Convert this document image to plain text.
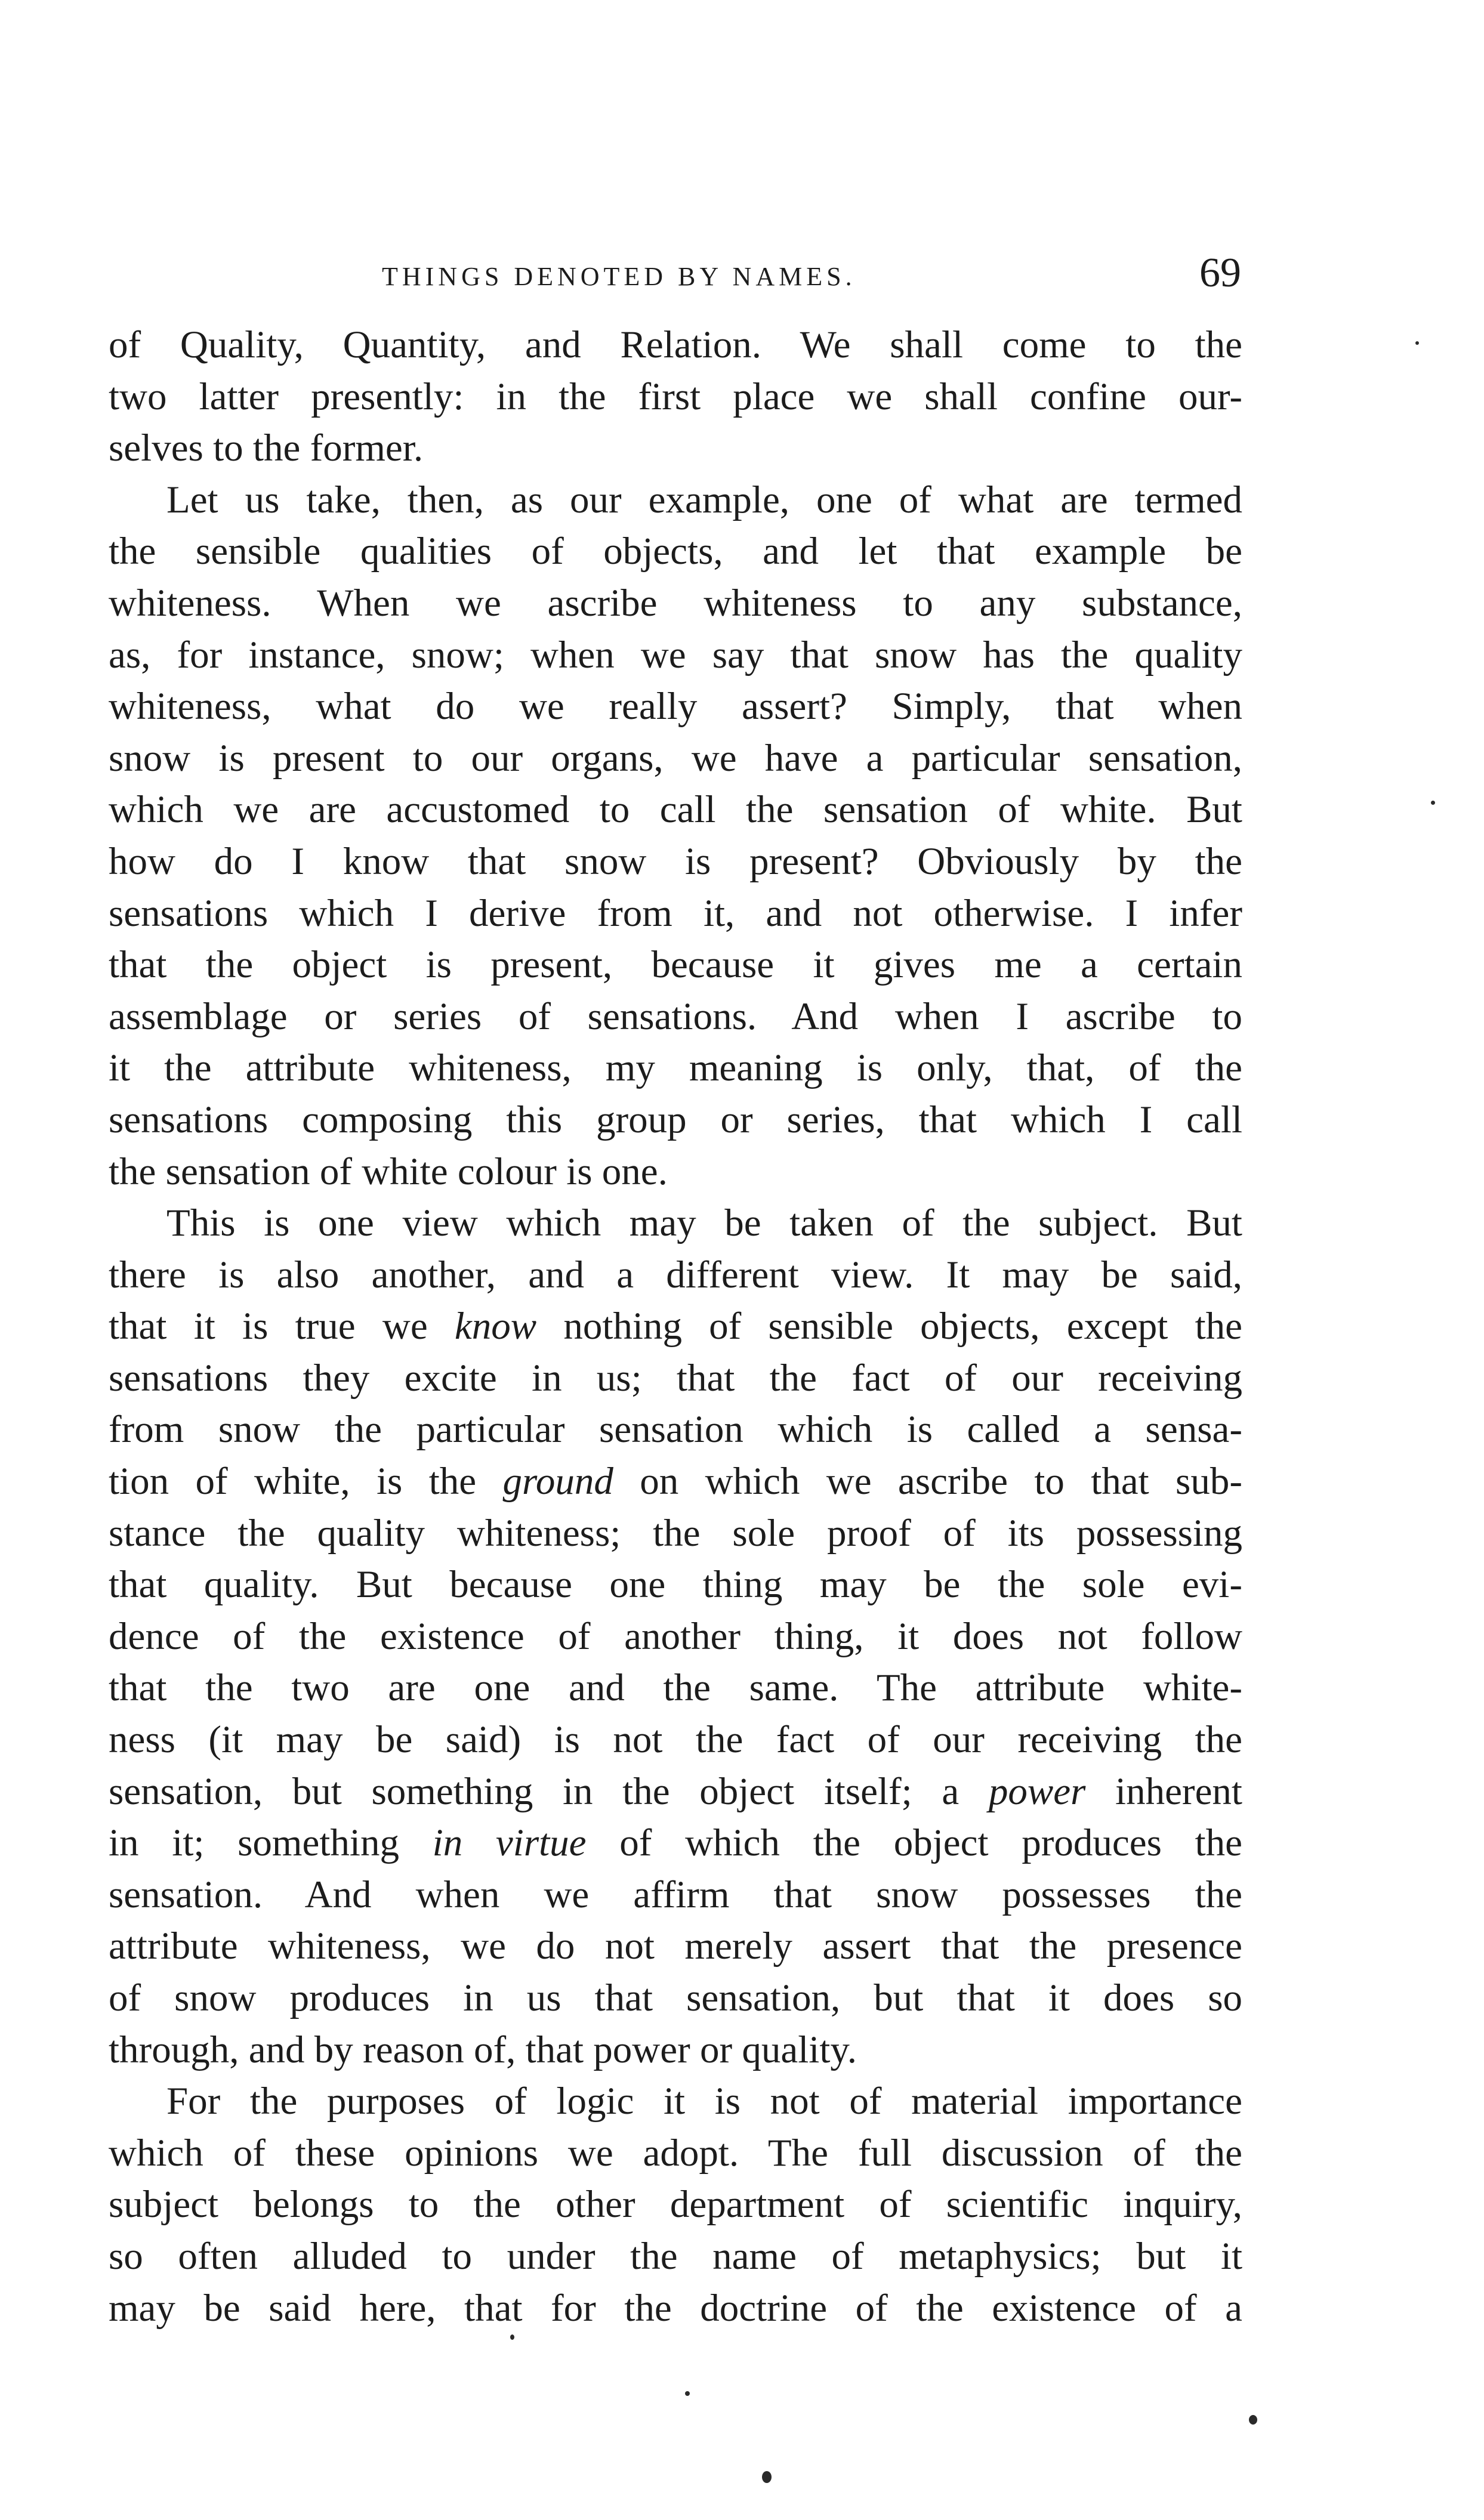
THINGS DENOTED BY NAMES.	69
of Quality, Quantity, and Relation. We shall come to the
two latter presently: in the first place we shall confine our-
selves to the former.
Let us take, then, as our example, one of what are termed
the sensible qualities of objects, and let that example be
whiteness. When we ascribe whiteness to any substance,
as, for instance, snow; when we say that snow has the quality
whiteness, what do we really assert? Simply, that when
snow is present to our organs, we have a particular sensation,
which we are accustomed to call the sensation of white. But
how do I know that snow is present? Obviously by the
sensations which I derive from it, and not otherwise. I infer
that the object is present, because it gives me a certain
assemblage or series of sensations. And when I ascribe to
it the attribute whiteness, my meaning is only, that, of the
sensations composing this group or series, that which I call
the sensation of white colour is one.
This is one view which may be taken of the subject. But
there is also another, and a different view. It may be said,
that it is true we know nothing of sensible objects, except the
sensations they excite in us; that the fact of our receiving
from snow the particular sensation which is called a sensa-
tion of white, is the ground on which we ascribe to that sub-
stance the quality whiteness; the sole proof of its possessing
that quality. But because one thing may be the sole evi-
dence of the existence of another thing, it does not follow
that the two are one and the same. The attribute white-
ness (it may be said) is not the fact of our receiving the
sensation, but something in the object itself; a power inherent
in it; something in virtue of which the object produces the
sensation. And when we affirm that snow possesses the
attribute whiteness, we do not merely assert that the presence
of snow produces in us that sensation, but that it does so
through, and by reason of, that power or quality.
For the purposes of logic it is not of material importance
which of these opinions we adopt. The full discussion of the
subject belongs to the other department of scientific inquiry,
so often alluded to under the name of metaphysics; but it
may be said here, that for the doctrine of the existence of a
